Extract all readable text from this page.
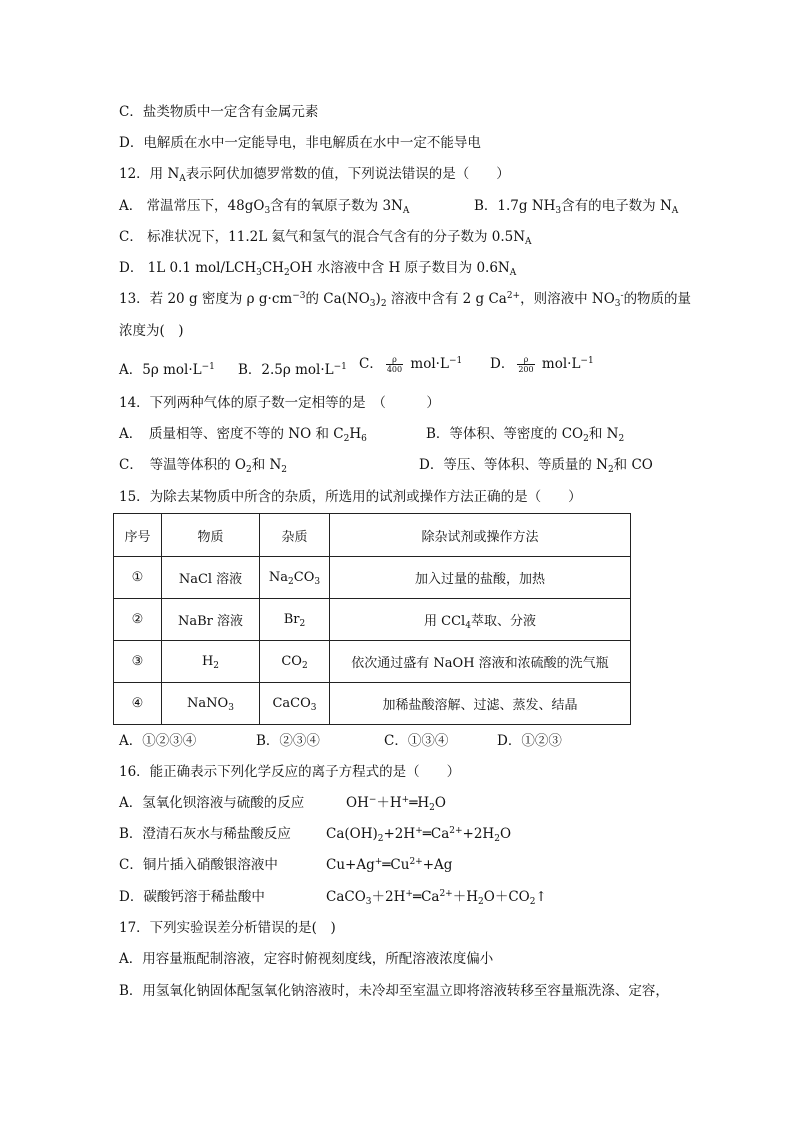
C．盐类物质中一定含有金属元素
D．电解质在水中一定能导电，非电解质在水中一定不能导电
12．用 $N_A$表示阿伏加德罗常数的值，下列说法错误的是（　　）
A． 常温常压下，$48gO_3$含有的氧原子数为 $3N_A$	B．1.7g $NH_3$含有的电子数为 $N_A$
C． 标准状况下，11.2L 氦气和氢气的混合气含有的分子数为 $0.5N_A$
D． 1L 0.1 mol/$LCH_3CH_2OH$ 水溶液中含 H 原子数目为 $0.6N_A$
13．若 20 g 密度为 ρ $g\cdot cm^{-3}$的 $Ca(NO_3)_2$ 溶液中含有 2 g $Ca^{2+}$，则溶液中 $NO_3^-$的物质的量
浓度为(　)
A．5ρ $mol\cdot L^{-1}$ B．2.5ρ $mol\cdot L^{-1}$ C． $\frac{\rho}{400} mol\cdot L^{-1}$ D． $\frac{\rho}{200} mol\cdot L^{-1}$
14．下列两种气体的原子数一定相等的是　（　　　）
A．　质量相等、密度不等的 NO 和 $C_2H_6$	B．等体积、等密度的 $CO_2$和 $N_2$
C．　等温等体积的 $O_2$和 $N_2$	D．等压、等体积、等质量的 $N_2$和 CO
15．为除去某物质中所含的杂质，所选用的试剂或操作方法正确的是（　　）
序号	物质	杂质	除杂试剂或操作方法
①	NaCl 溶液	$Na_2CO_3$	加入过量的盐酸，加热
②	NaBr 溶液	$Br_2$	用 CCl$_4$萃取、分液
③	$H_2$	$CO_2$	依次通过盛有 NaOH 溶液和浓硫酸的洗气瓶
④	NaNO$_3$	CaCO$_3$	加稀盐酸溶解、过滤、蒸发、结晶
A．①②③④	B．②③④	C．①③④	D．①②③
16．能正确表示下列化学反应的离子方程式的是（　　）
A．氢氧化钡溶液与硫酸的反应	$OH^-+H^+═H_2O$
B．澄清石灰水与稀盐酸反应	$Ca(OH)_2+2H^+═Ca^{2+}+2H_2O$
C．铜片插入硝酸银溶液中	$Cu+Ag^+═Cu^{2+}+Ag$
D．碳酸钙溶于稀盐酸中	$CaCO_3+2H^+═Ca^{2+}+H_2O+CO_2↑$
17．下列实验误差分析错误的是(　)
A．用容量瓶配制溶液，定容时俯视刻度线，所配溶液浓度偏小
B．用氢氧化钠固体配氢氧化钠溶液时，未冷却至室温立即将溶液转移至容量瓶洗涤、定容，
